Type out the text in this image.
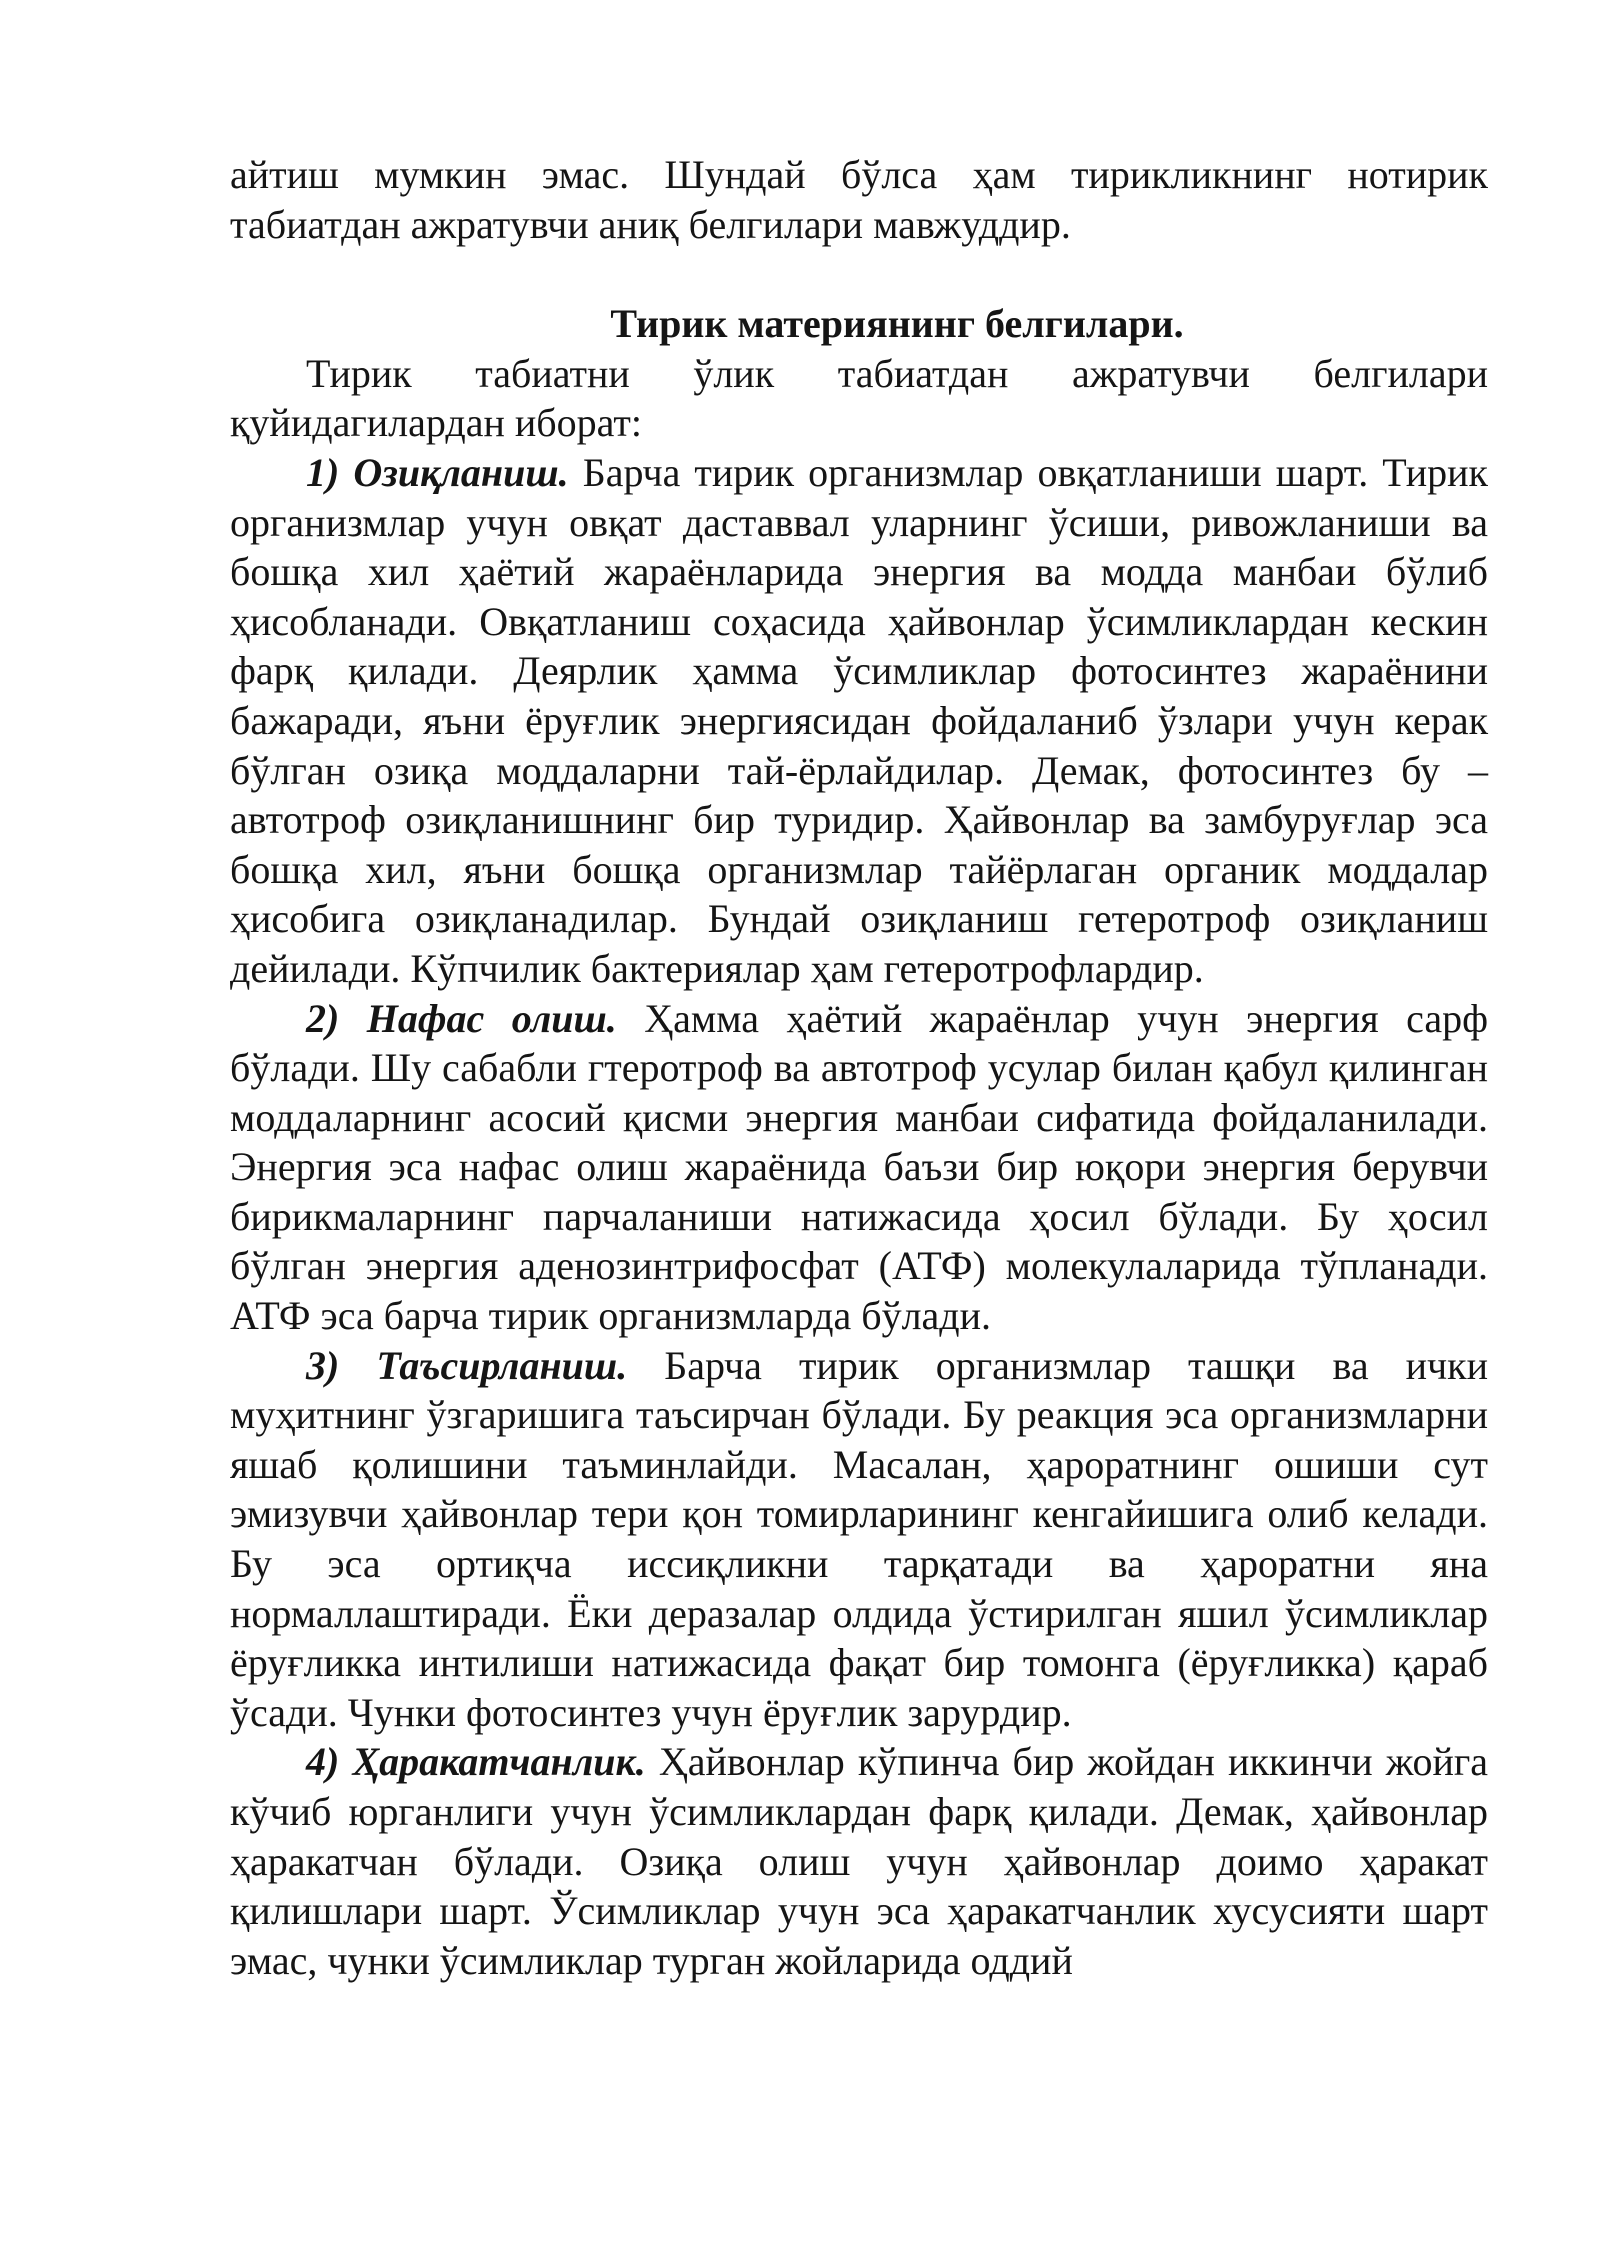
айтиш мумкин эмас. Шундай бўлса ҳам тирикликнинг нотирик табиатдан ажратувчи аниқ белгилари мавжуддир.

Тирик материянинг белгилари.

Тирик табиатни ўлик табиатдан ажратувчи белгилари қуйидагилардан иборат:

1) Озиқланиш. Барча тирик организмлар овқатланиши шарт. Тирик организмлар учун овқат даставвал уларнинг ўсиши, ривожланиши ва бошқа хил ҳаётий жараёнларида энергия ва модда манбаи бўлиб ҳисобланади. Овқатланиш соҳасида ҳайвонлар ўсимликлардан кескин фарқ қилади. Деярлик ҳамма ўсимликлар фотосинтез жараёнини бажаради, яъни ёруғлик энергиясидан фойдаланиб ўзлари учун керак бўлган озиқа моддаларни тай-ёрлайдилар. Демак, фотосинтез бу – автотроф озиқланишнинг бир туридир. Ҳайвонлар ва замбуруғлар эса бошқа хил, яъни бошқа организмлар тайёрлаган органик моддалар ҳисобига озиқланадилар. Бундай озиқланиш гетеротроф озиқланиш дейилади. Кўпчилик бактериялар ҳам гетеротрофлардир.

2) Нафас олиш. Ҳамма ҳаётий жараёнлар учун энергия сарф бўлади. Шу сабабли гтеротроф ва автотроф усулар билан қабул қилинган моддаларнинг асосий қисми энергия манбаи сифатида фойдаланилади. Энергия эса нафас олиш жараёнида баъзи бир юқори энергия берувчи бирикмаларнинг парчаланиши натижасида ҳосил бўлади. Бу ҳосил бўлган энергия аденозинтрифосфат (АТФ) молекулаларида тўпланади. АТФ эса барча тирик организмларда бўлади.

3) Таъсирланиш. Барча тирик организмлар ташқи ва ички муҳитнинг ўзгаришига таъсирчан бўлади. Бу реакция эса организмларни яшаб қолишини таъминлайди. Масалан, ҳароратнинг ошиши сут эмизувчи ҳайвонлар тери қон томирларининг кенгайишига олиб келади. Бу эса ортиқча иссиқликни тарқатади ва ҳароратни яна нормаллаштиради. Ёки деразалар олдида ўстирилган яшил ўсимликлар ёруғликка интилиши натижасида фақат бир томонга (ёруғликка) қараб ўсади. Чунки фотосинтез учун ёруғлик зарурдир.

4) Ҳаракатчанлик. Ҳайвонлар кўпинча бир жойдан иккинчи жойга кўчиб юрганлиги учун ўсимликлардан фарқ қилади. Демак, ҳайвонлар ҳаракатчан бўлади. Озиқа олиш учун ҳайвонлар доимо ҳаракат қилишлари шарт. Ўсимликлар учун эса ҳаракатчанлик хусусияти шарт эмас, чунки ўсимликлар турган жойларида оддий
